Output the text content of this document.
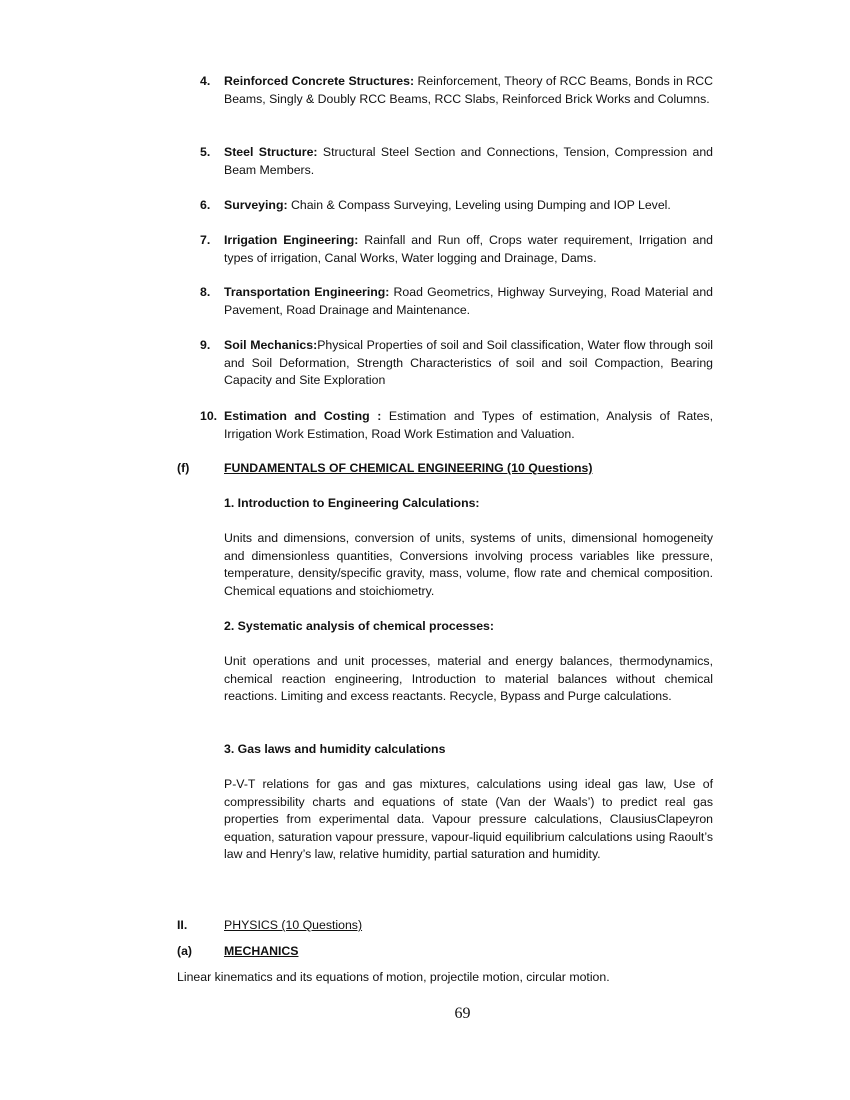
4.	Reinforced Concrete Structures: Reinforcement, Theory of RCC Beams, Bonds in RCC Beams, Singly & Doubly RCC Beams, RCC Slabs, Reinforced Brick Works and Columns.
5.	Steel Structure: Structural Steel Section and Connections, Tension, Compression and Beam Members.
6.	Surveying: Chain & Compass Surveying, Leveling using Dumping and IOP Level.
7.	Irrigation Engineering: Rainfall and Run off, Crops water requirement, Irrigation and types of irrigation, Canal Works, Water logging and Drainage, Dams.
8.	Transportation Engineering: Road Geometrics, Highway Surveying, Road Material and Pavement, Road Drainage and Maintenance.
9.	Soil Mechanics:Physical Properties of soil and Soil classification, Water flow through soil and Soil Deformation, Strength Characteristics of soil and soil Compaction, Bearing Capacity and Site Exploration
10. Estimation and Costing : Estimation and Types of estimation, Analysis of Rates, Irrigation Work Estimation, Road Work Estimation and Valuation.
(f)	FUNDAMENTALS OF CHEMICAL ENGINEERING (10 Questions)
1. Introduction to Engineering Calculations:
Units and dimensions, conversion of units, systems of units, dimensional homogeneity and dimensionless quantities, Conversions involving process variables like pressure, temperature, density/specific gravity, mass, volume, flow rate and chemical composition. Chemical equations and stoichiometry.
2. Systematic analysis of chemical processes:
Unit operations and unit processes, material and energy balances, thermodynamics, chemical reaction engineering, Introduction to material balances without chemical reactions. Limiting and excess reactants. Recycle, Bypass and Purge calculations.
3. Gas laws and humidity calculations
P-V-T relations for gas and gas mixtures, calculations using ideal gas law, Use of compressibility charts and equations of state (Van der Waals’) to predict real gas properties from experimental data. Vapour pressure calculations, ClausiusClapeyron equation, saturation vapour pressure, vapour-liquid equilibrium calculations using Raoult’s law and Henry’s law, relative humidity, partial saturation and humidity.
II.	PHYSICS (10 Questions)
(a)	MECHANICS
Linear kinematics and its equations of motion, projectile motion, circular motion.
69
